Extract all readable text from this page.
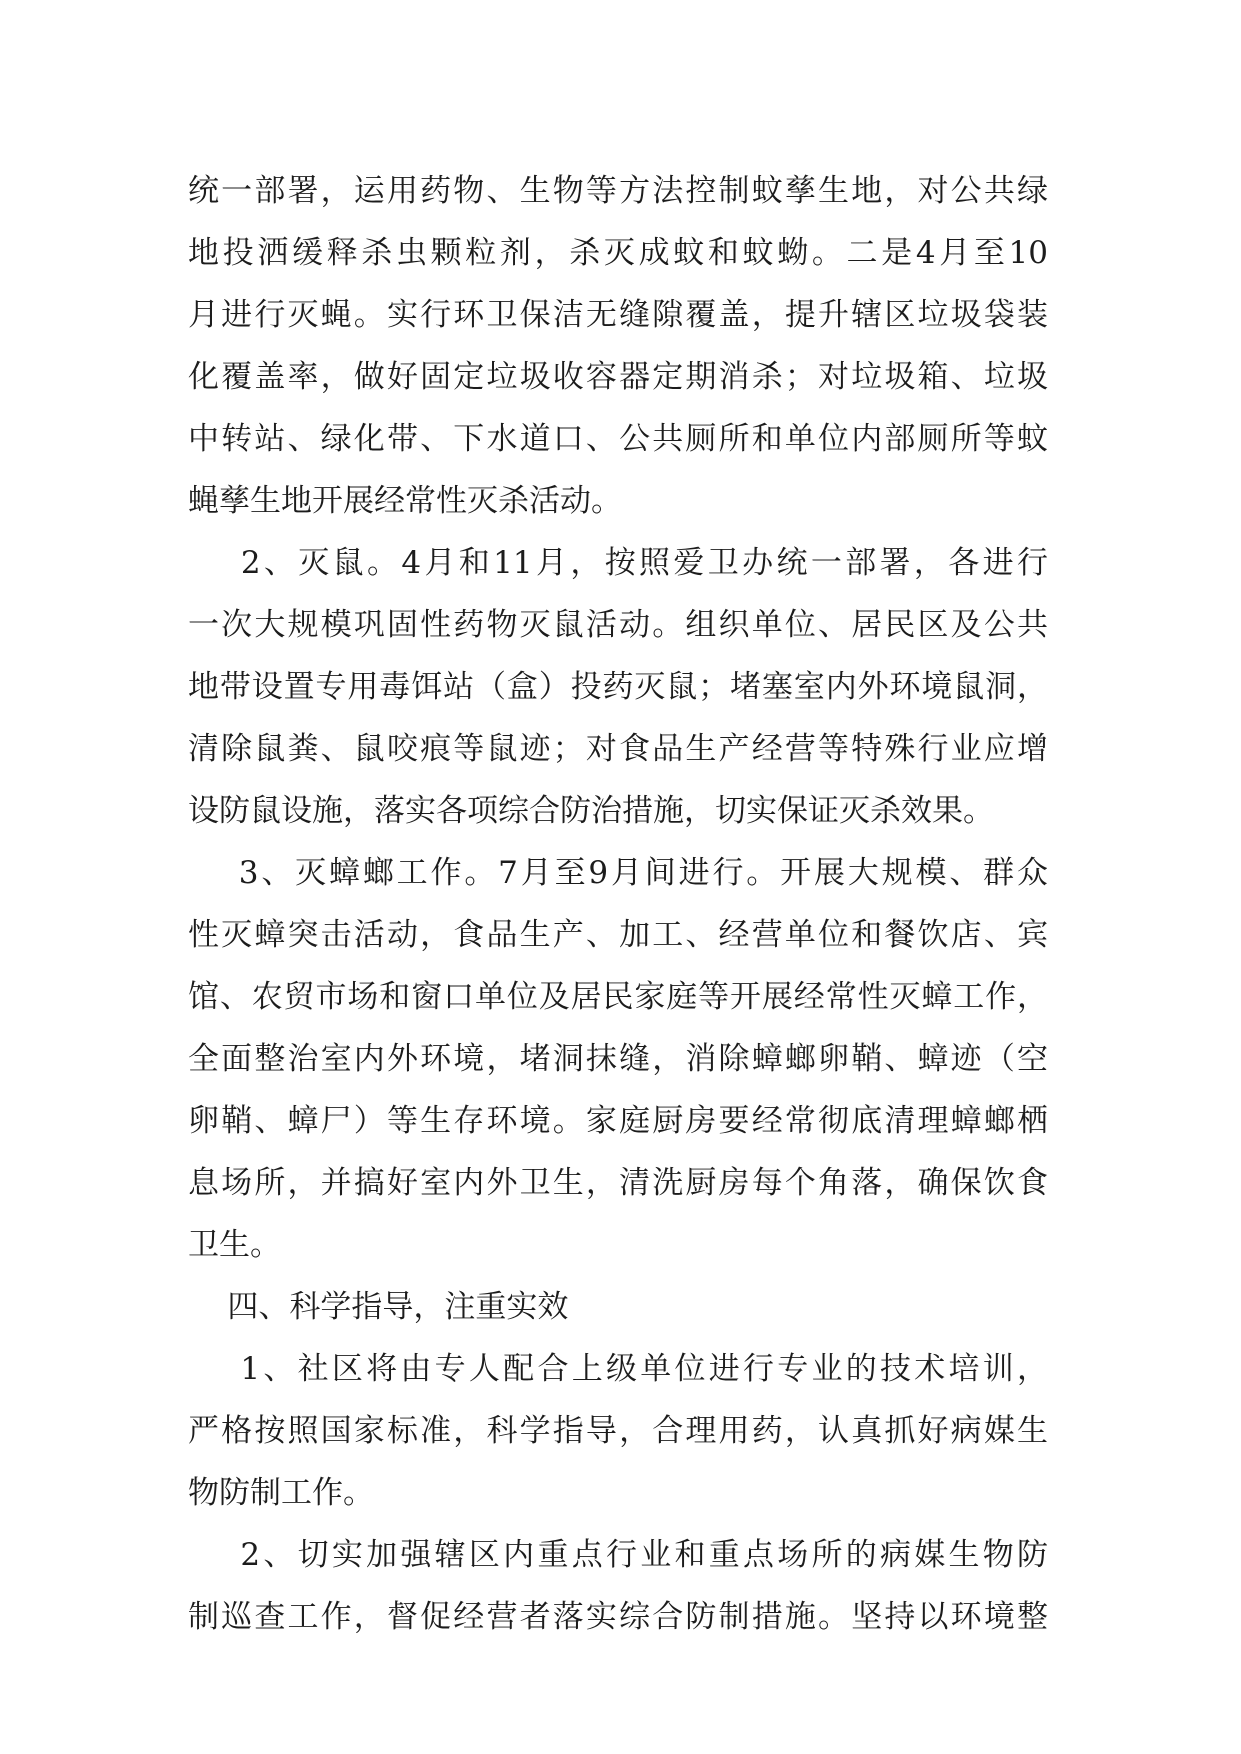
统一部署，运用药物、生物等方法控制蚊孳生地，对公共绿
地投洒缓释杀虫颗粒剂，杀灭成蚊和蚊蚴。二是4月至10
月进行灭蝇。实行环卫保洁无缝隙覆盖，提升辖区垃圾袋装
化覆盖率，做好固定垃圾收容器定期消杀；对垃圾箱、垃圾
中转站、绿化带、下水道口、公共厕所和单位内部厕所等蚊
蝇孳生地开展经常性灭杀活动。
2、灭鼠。4月和11月，按照爱卫办统一部署，各进行
一次大规模巩固性药物灭鼠活动。组织单位、居民区及公共
地带设置专用毒饵站（盒）投药灭鼠；堵塞室内外环境鼠洞，
清除鼠粪、鼠咬痕等鼠迹；对食品生产经营等特殊行业应增
设防鼠设施，落实各项综合防治措施，切实保证灭杀效果。
3、灭蟑螂工作。7月至9月间进行。开展大规模、群众
性灭蟑突击活动，食品生产、加工、经营单位和餐饮店、宾
馆、农贸市场和窗口单位及居民家庭等开展经常性灭蟑工作，
全面整治室内外环境，堵洞抹缝，消除蟑螂卵鞘、蟑迹（空
卵鞘、蟑尸）等生存环境。家庭厨房要经常彻底清理蟑螂栖
息场所，并搞好室内外卫生，清洗厨房每个角落，确保饮食
卫生。
四、科学指导，注重实效
1、社区将由专人配合上级单位进行专业的技术培训，
严格按照国家标准，科学指导，合理用药，认真抓好病媒生
物防制工作。
2、切实加强辖区内重点行业和重点场所的病媒生物防
制巡查工作，督促经营者落实综合防制措施。坚持以环境整
